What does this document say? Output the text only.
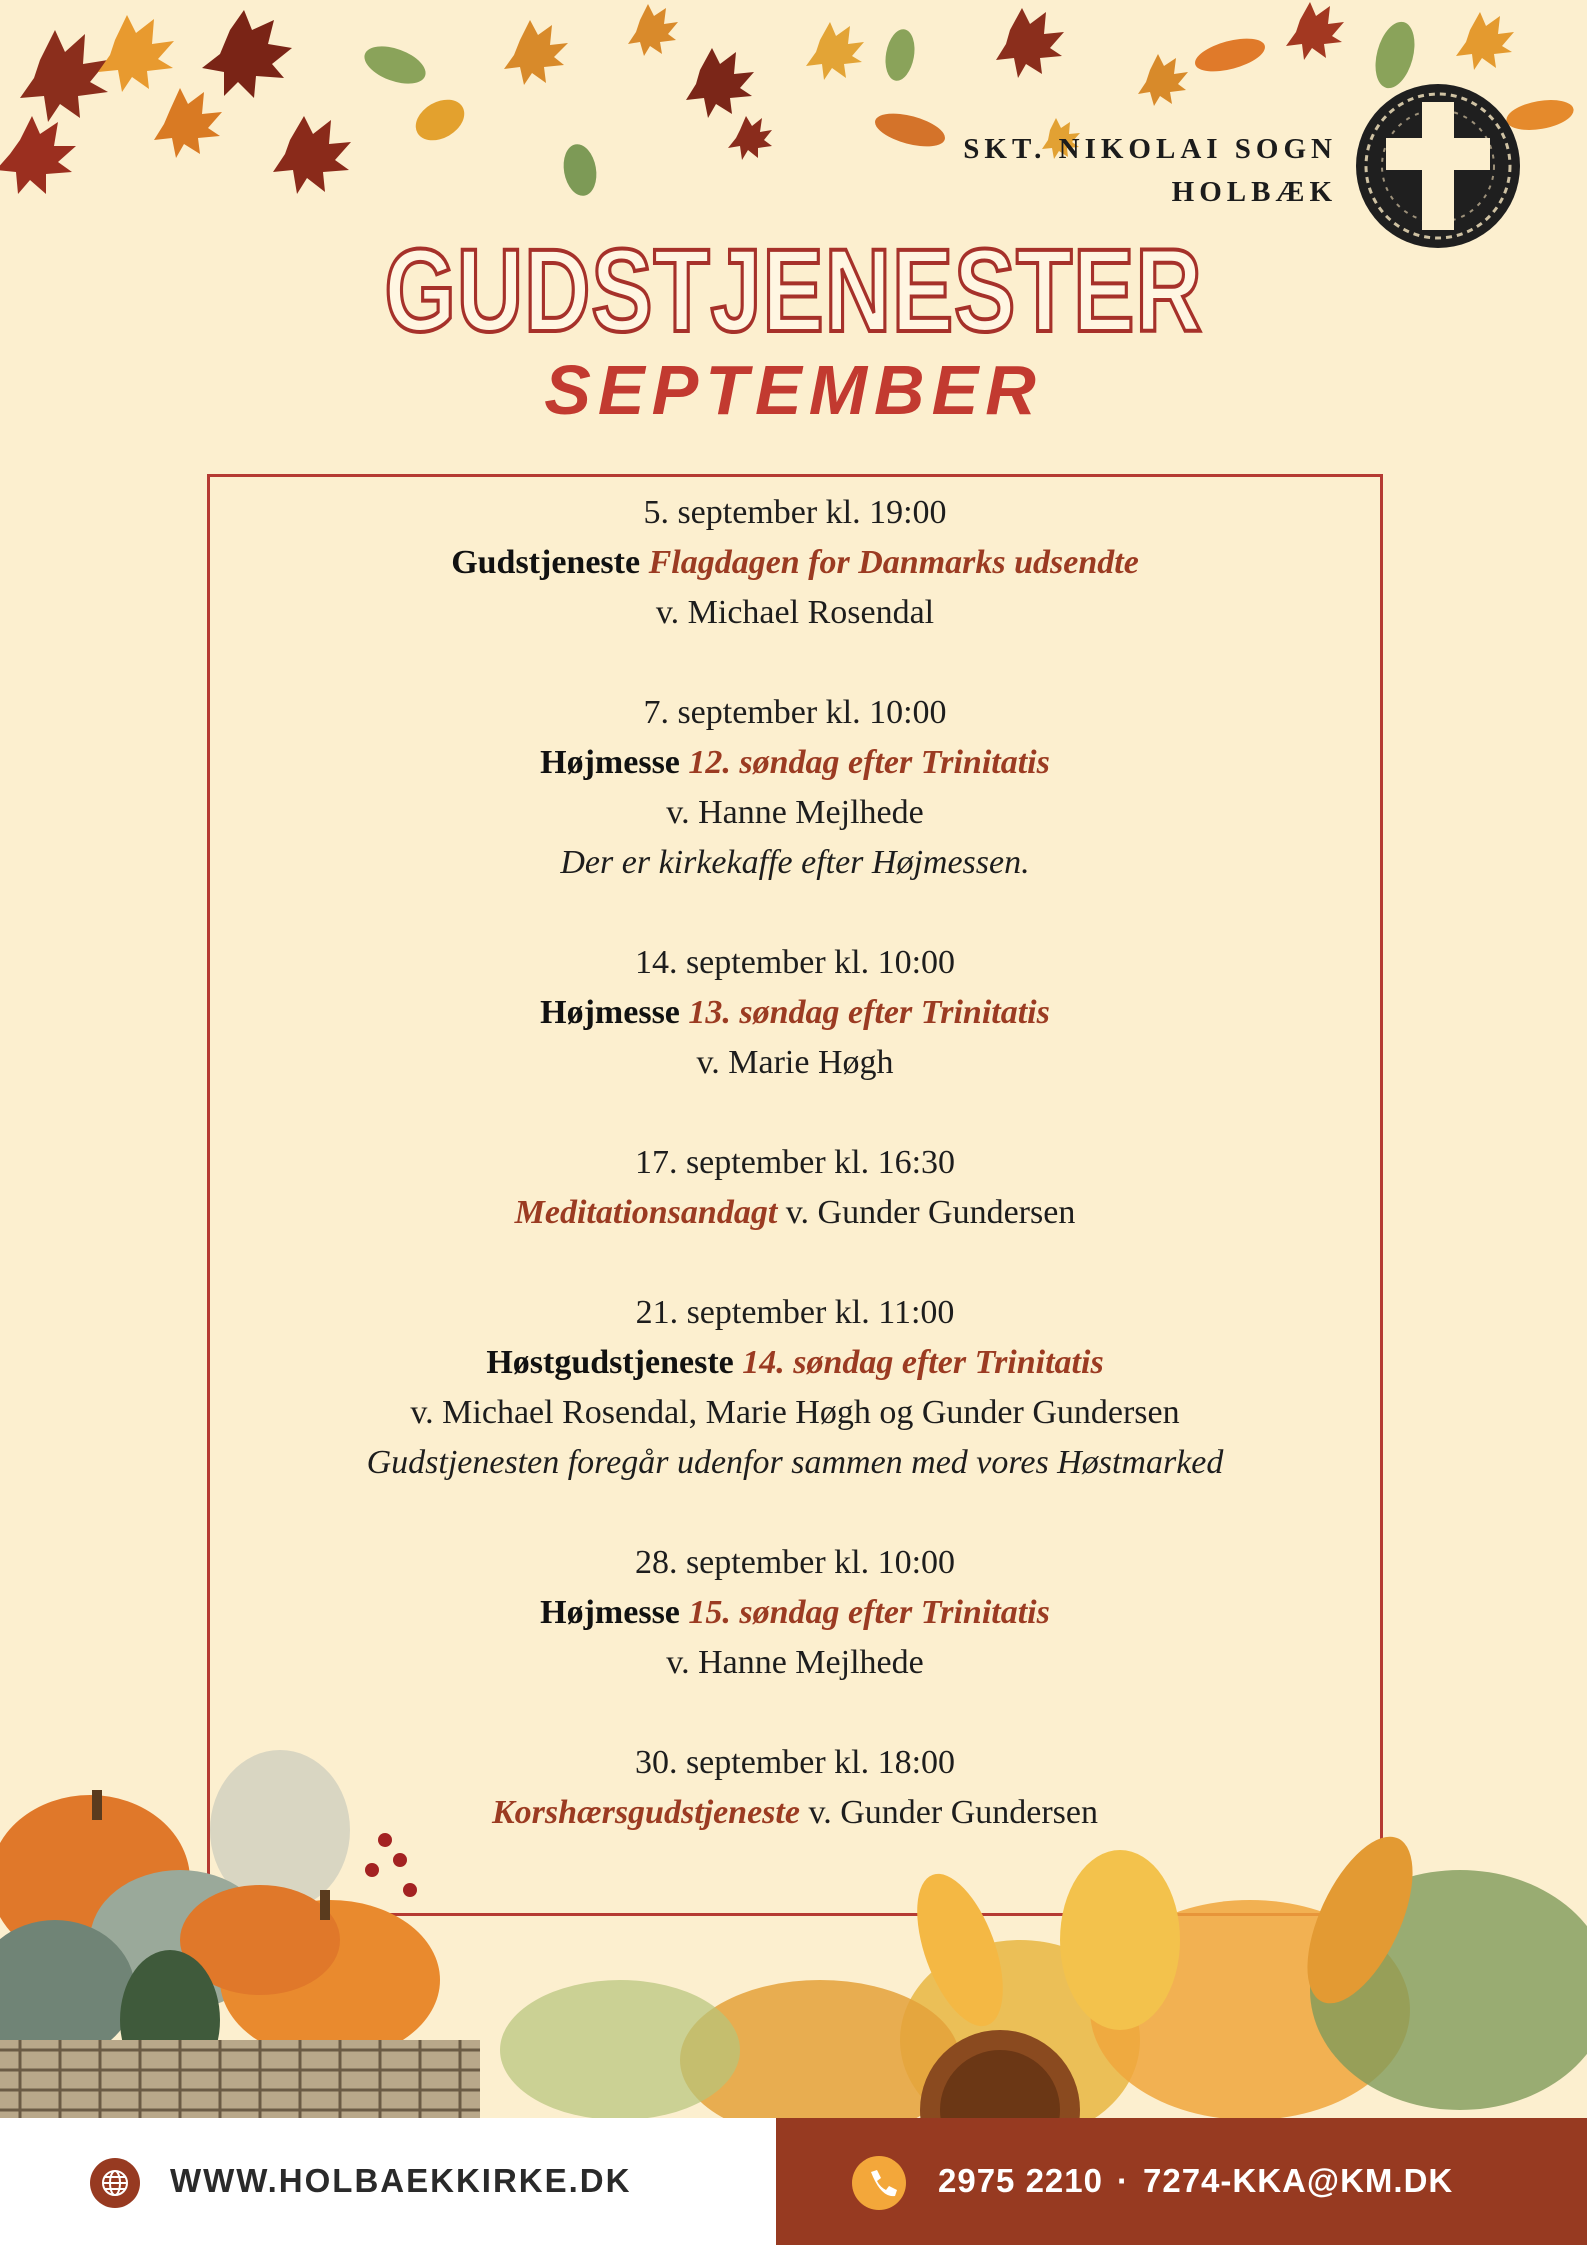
SKT. NIKOLAI SOGN
HOLBÆK
GUDSTJENESTER
SEPTEMBER

5. september kl. 19:00

Gudstjeneste Flagdagen for Danmarks udsendte

v. Michael Rosendal

7. september kl. 10:00

Højmesse 12. søndag efter Trinitatis

v. Hanne Mejlhede

Der er kirkekaffe efter Højmessen.

14. september kl. 10:00

Højmesse 13. søndag efter Trinitatis

v. Marie Høgh

17. september kl. 16:30

Meditationsandagt v. Gunder Gundersen

21. september kl. 11:00

Høstgudstjeneste 14. søndag efter Trinitatis

v. Michael Rosendal, Marie Høgh og Gunder Gundersen

Gudstjenesten foregår udenfor sammen med vores Høstmarked

28. september kl. 10:00

Højmesse 15. søndag efter Trinitatis

v. Hanne Mejlhede

30. september kl. 18:00

Korshærsgudstjeneste v. Gunder Gundersen

WWW.HOLBAEKKIRKE.DK	2975 2210 · 7274-KKA@KM.DK
